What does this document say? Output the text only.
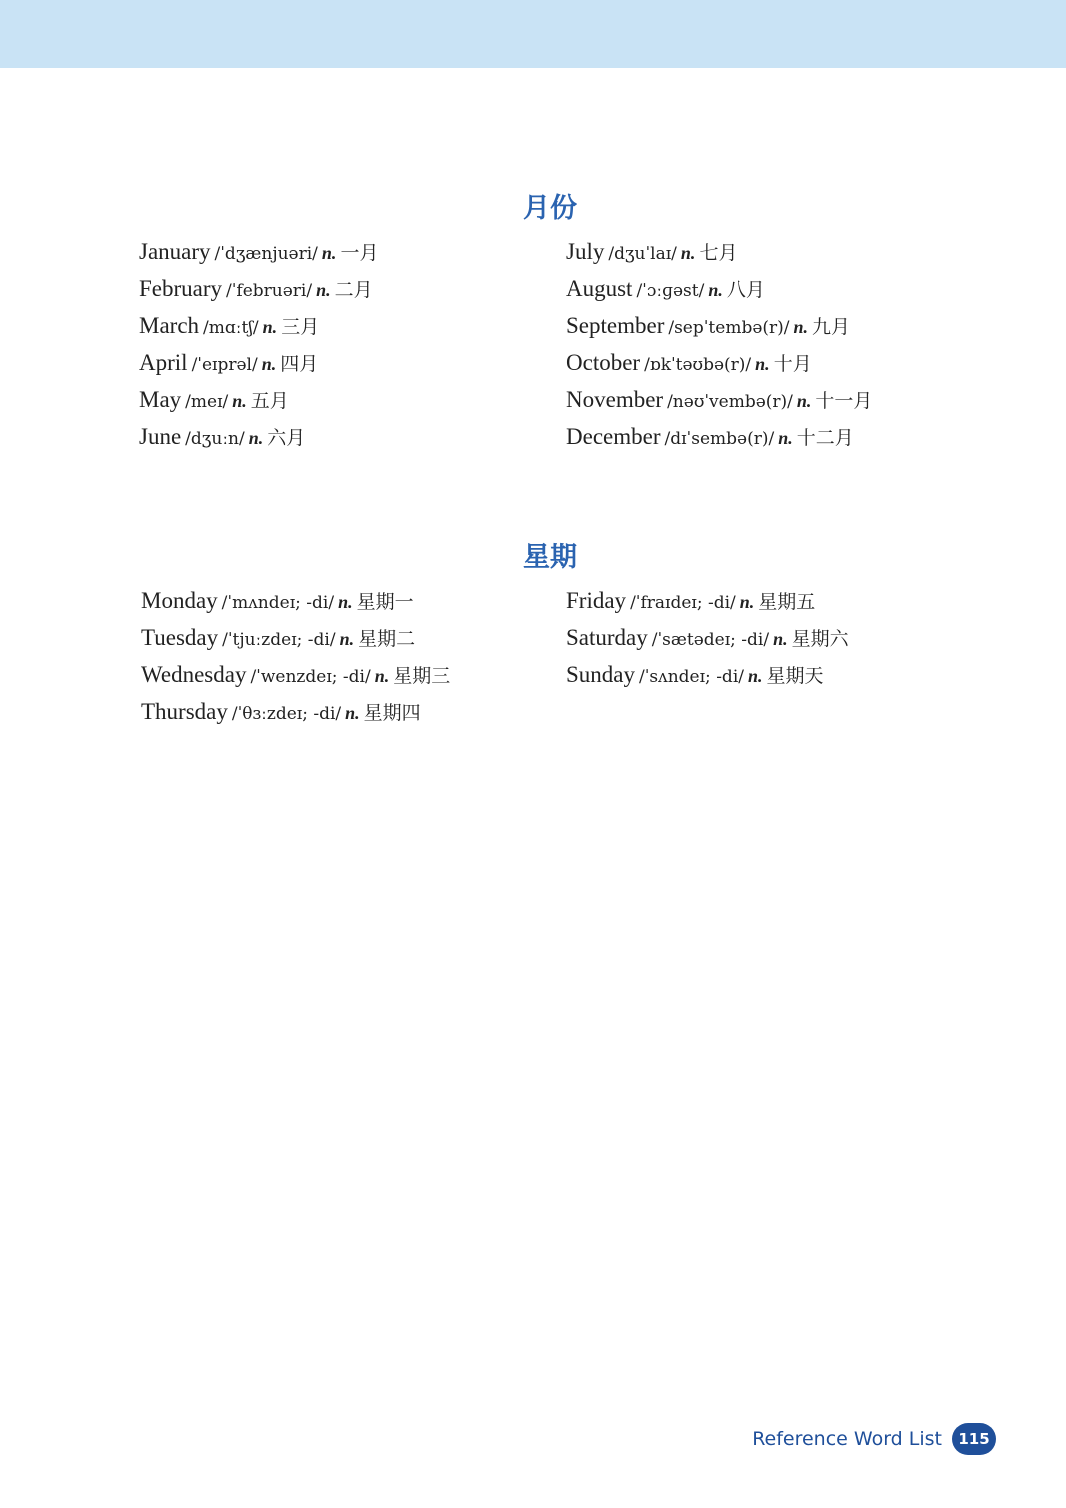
月份
January /ˈdʒænjuəri/ n. 一月
February /ˈfebruəri/ n. 二月
March /mɑːtʃ/ n. 三月
April /ˈeɪprəl/ n. 四月
May /meɪ/ n. 五月
June /dʒuːn/ n. 六月
July /dʒuˈlaɪ/ n. 七月
August /ˈɔːɡəst/ n. 八月
September /sepˈtembə(r)/ n. 九月
October /ɒkˈtəʊbə(r)/ n. 十月
November /nəʊˈvembə(r)/ n. 十一月
December /dɪˈsembə(r)/ n. 十二月
星期
Monday /ˈmʌndeɪ; -di/ n. 星期一
Tuesday /ˈtjuːzdeɪ; -di/ n. 星期二
Wednesday /ˈwenzdeɪ; -di/ n. 星期三
Thursday /ˈθɜːzdeɪ; -di/ n. 星期四
Friday /ˈfraɪdeɪ; -di/ n. 星期五
Saturday /ˈsætədeɪ; -di/ n. 星期六
Sunday /ˈsʌndeɪ; -di/ n. 星期天
Reference Word List	115
